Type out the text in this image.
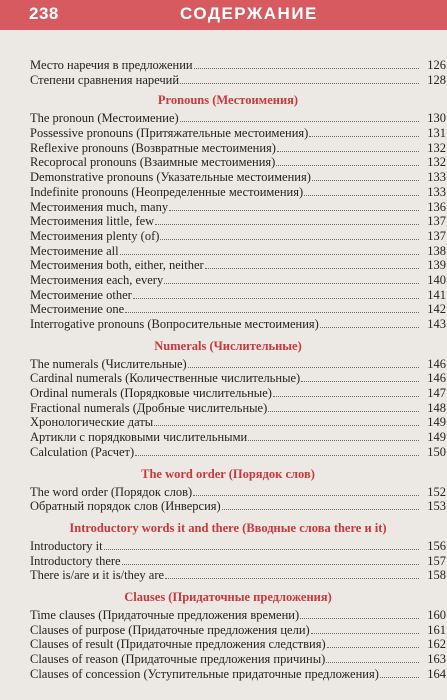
238	СОДЕРЖАНИЕ
Место наречия в предложении	126
Степени сравнения наречий	128
Pronouns (Местоимения)
The pronoun (Местоимение)	130
Possessive pronouns (Притяжательные местоимения)	131
Reflexive pronouns (Возвратные местоимения)	132
Recoprocal pronouns (Взаимные местоимения)	132
Demonstrative pronouns (Указательные местоимения)	133
Indefinite pronouns (Неопределенные местоимения)	133
Местоимения much, many	136
Местоимения little, few	137
Местоимения plenty (of)	137
Местоимение all	138
Местоимения both, either, neither	139
Местоимения each, every	140
Местоимение other	141
Местоимение one	142
Interrogative pronouns (Вопросительные местоимения)	143
Numerals (Числительные)
The numerals (Числительные)	146
Cardinal numerals (Количественные числительные)	146
Ordinal numerals (Порядковые числительные)	147
Fractional numerals (Дробные числительные)	148
Хронологические даты	149
Артикли с порядковыми числительными	149
Calculation (Расчет)	150
The word order (Порядок слов)
The word order (Порядок слов)	152
Обратный порядок слов (Инверсия)	153
Introductory words it and there (Вводные слова there и it)
Introductory it	156
Introductory there	157
There is/are и it is/they are	158
Clauses (Придаточные предложения)
Time clauses (Придаточные предложения времени)	160
Clauses of purpose (Придаточные предложения цели)	161
Clauses of result (Придаточные предложения следствия)	162
Clauses of reason (Придаточные предложения причины)	163
Clauses of concession (Уступительные придаточные предложения)	164
